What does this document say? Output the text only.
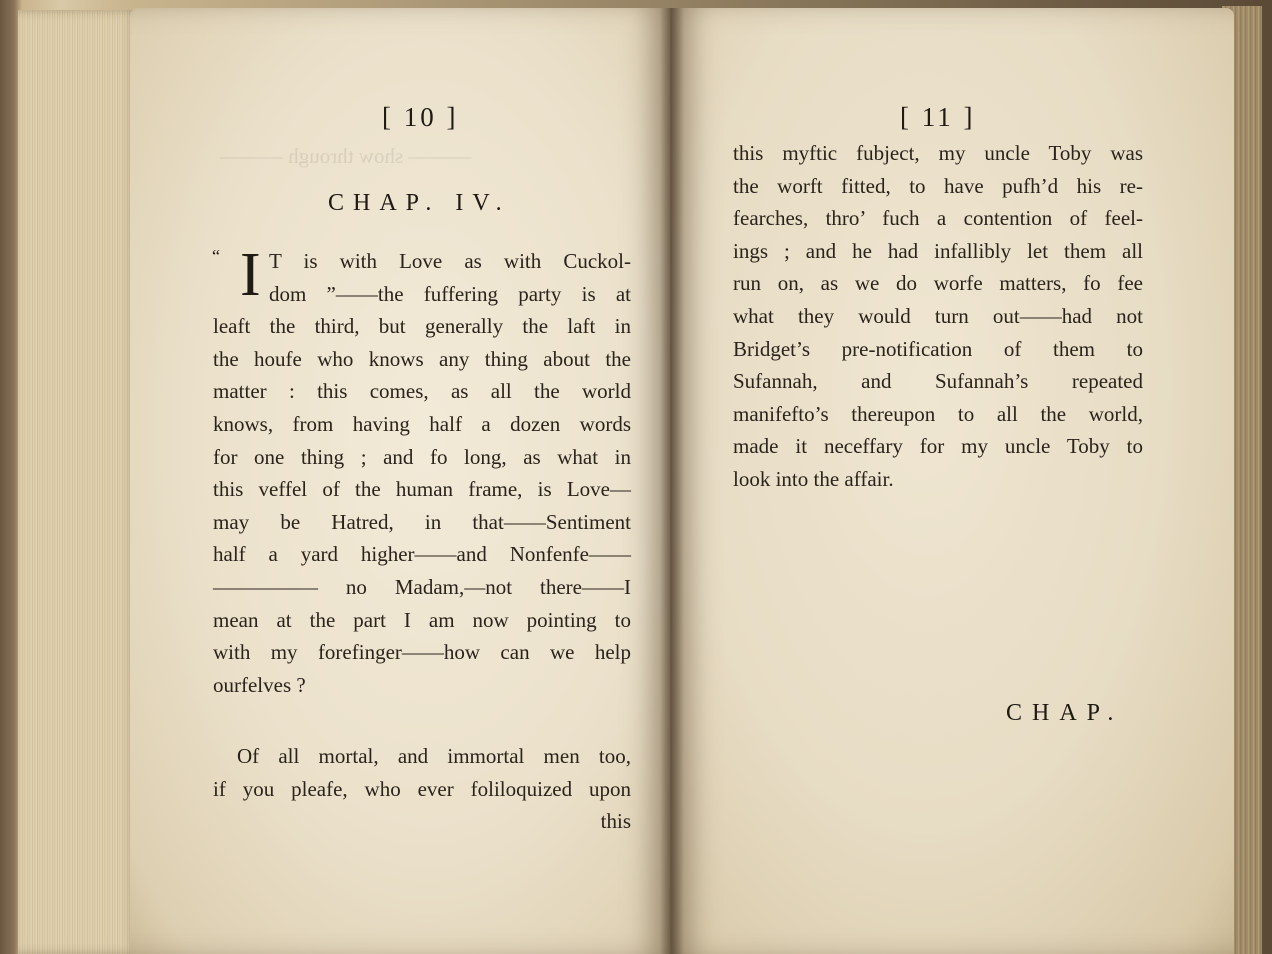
——— show through ———
[ 10 ]
CHAP. IV.
“ I T is with Love as with Cuckol-
dom ”——the fuffering party is at
leaft the third, but generally the laft in
the houfe who knows any thing about the
matter : this comes, as all the world
knows, from having half a dozen words
for one thing ; and fo long, as what in
this veffel of the human frame, is Love—
may be Hatred, in that——Sentiment
half a yard higher——and Nonfenfe——
————— no Madam,—not there——I
mean at the part I am now pointing to
with my forefinger——how can we help
ourfelves ?
Of all mortal, and immortal men too,
if you pleafe, who ever foliloquized upon
this
[ 11 ]
this myftic fubject, my uncle Toby was
the worft fitted, to have pufh’d his re-
fearches, thro’ fuch a contention of feel-
ings ; and he had infallibly let them all
run on, as we do worfe matters, fo fee
what they would turn out——had not
Bridget’s pre-notification of them to
Sufannah, and Sufannah’s repeated
manifefto’s thereupon to all the world,
made it neceffary for my uncle Toby to
look into the affair.
CHAP.
